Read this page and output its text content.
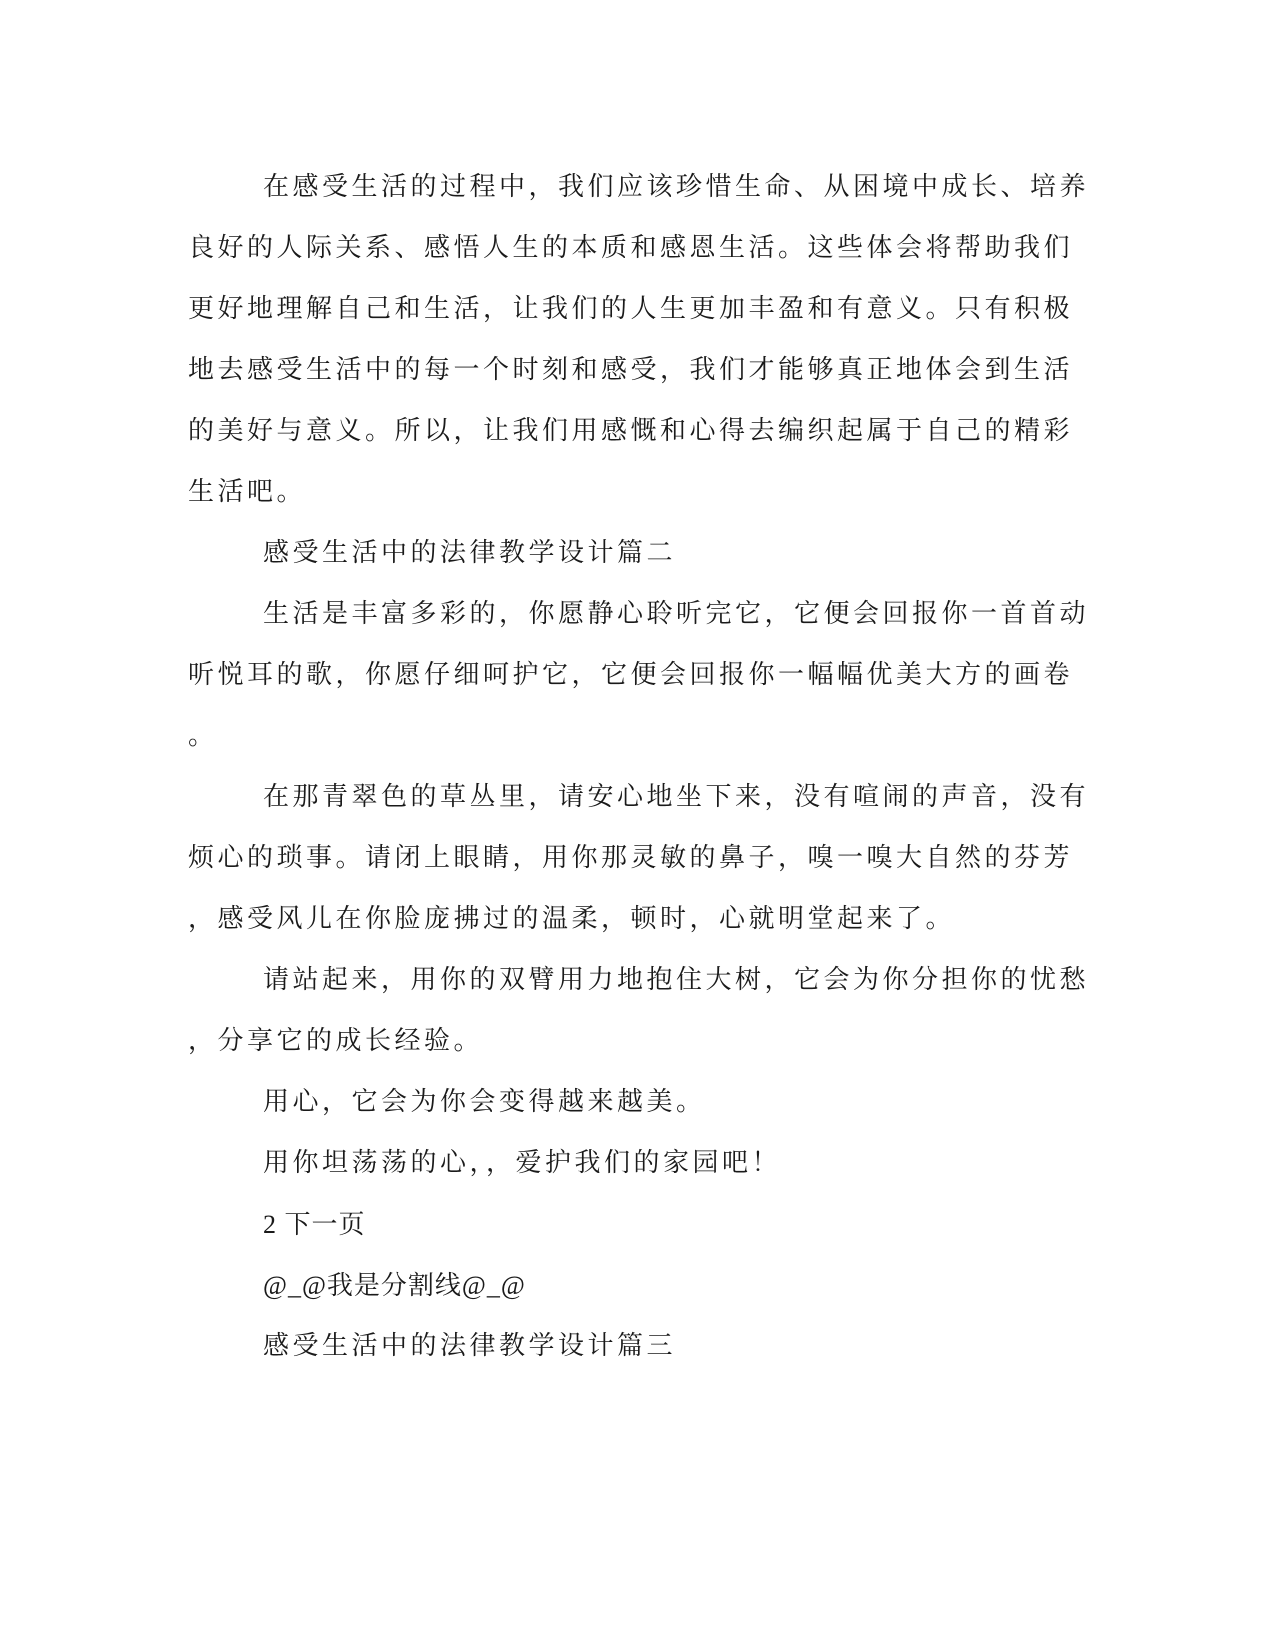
在感受生活的过程中，我们应该珍惜生命、从困境中成长、培养
良好的人际关系、感悟人生的本质和感恩生活。这些体会将帮助我们
更好地理解自己和生活，让我们的人生更加丰盈和有意义。只有积极
地去感受生活中的每一个时刻和感受，我们才能够真正地体会到生活
的美好与意义。所以，让我们用感慨和心得去编织起属于自己的精彩
生活吧。
感受生活中的法律教学设计篇二
生活是丰富多彩的，你愿静心聆听完它，它便会回报你一首首动
听悦耳的歌，你愿仔细呵护它，它便会回报你一幅幅优美大方的画卷
。
在那青翠色的草丛里，请安心地坐下来，没有喧闹的声音，没有
烦心的琐事。请闭上眼睛，用你那灵敏的鼻子，嗅一嗅大自然的芬芳
，感受风儿在你脸庞拂过的温柔，顿时，心就明堂起来了。
请站起来，用你的双臂用力地抱住大树，它会为你分担你的忧愁
，分享它的成长经验。
用心，它会为你会变得越来越美。
用你坦荡荡的心，，爱护我们的家园吧！
2 下一页
@_@我是分割线@_@
感受生活中的法律教学设计篇三
